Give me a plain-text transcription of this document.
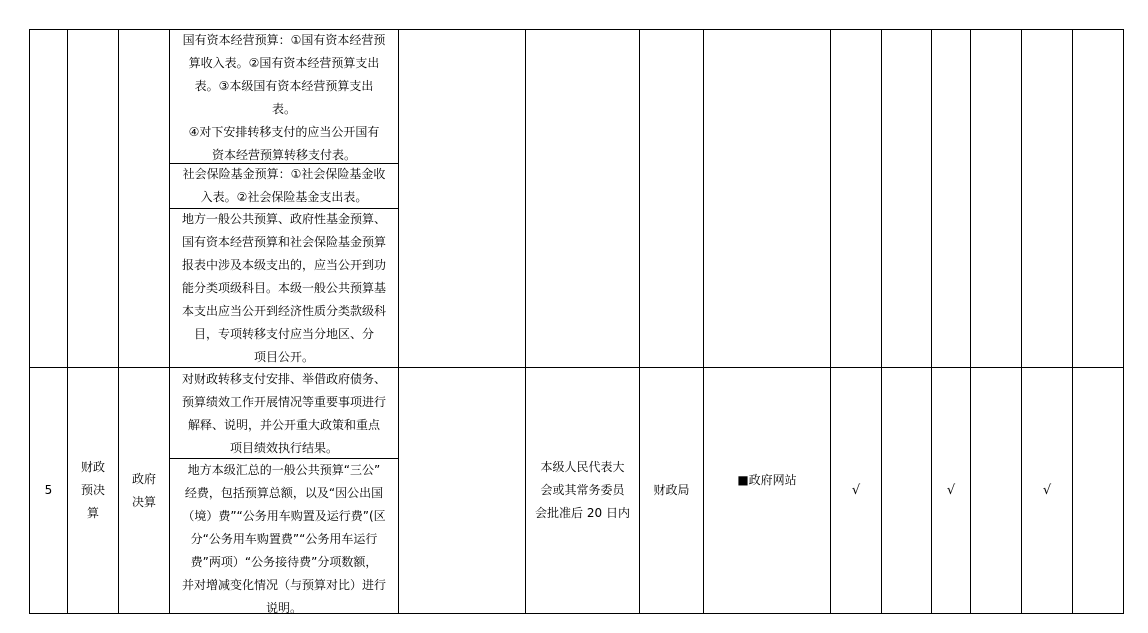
国有资本经营预算：①国有资本经营预
算收入表。②国有资本经营预算支出
表。③本级国有资本经营预算支出
表。
④对下安排转移支付的应当公开国有
资本经营预算转移支付表。
社会保险基金预算：①社会保险基金收
入表。②社会保险基金支出表。
地方一般公共预算、政府性基金预算、
国有资本经营预算和社会保险基金预算
报表中涉及本级支出的，应当公开到功
能分类项级科目。本级一般公共预算基
本支出应当公开到经济性质分类款级科
目，专项转移支付应当分地区、分
项目公开。
5
财政
预决
算
政府
决算
对财政转移支付安排、举借政府债务、
预算绩效工作开展情况等重要事项进行
解释、说明，并公开重大政策和重点
项目绩效执行结果。
地方本级汇总的一般公共预算“三公”
经费，包括预算总额，以及“因公出国
（境）费”“公务用车购置及运行费”(区
分“公务用车购置费”“公务用车运行
费”两项）“公务接待费”分项数额，
并对增减变化情况（与预算对比）进行
说明。
本级人民代表大
会或其常务委员
会批准后 20 日内
财政局
■政府网站
√	√	√
